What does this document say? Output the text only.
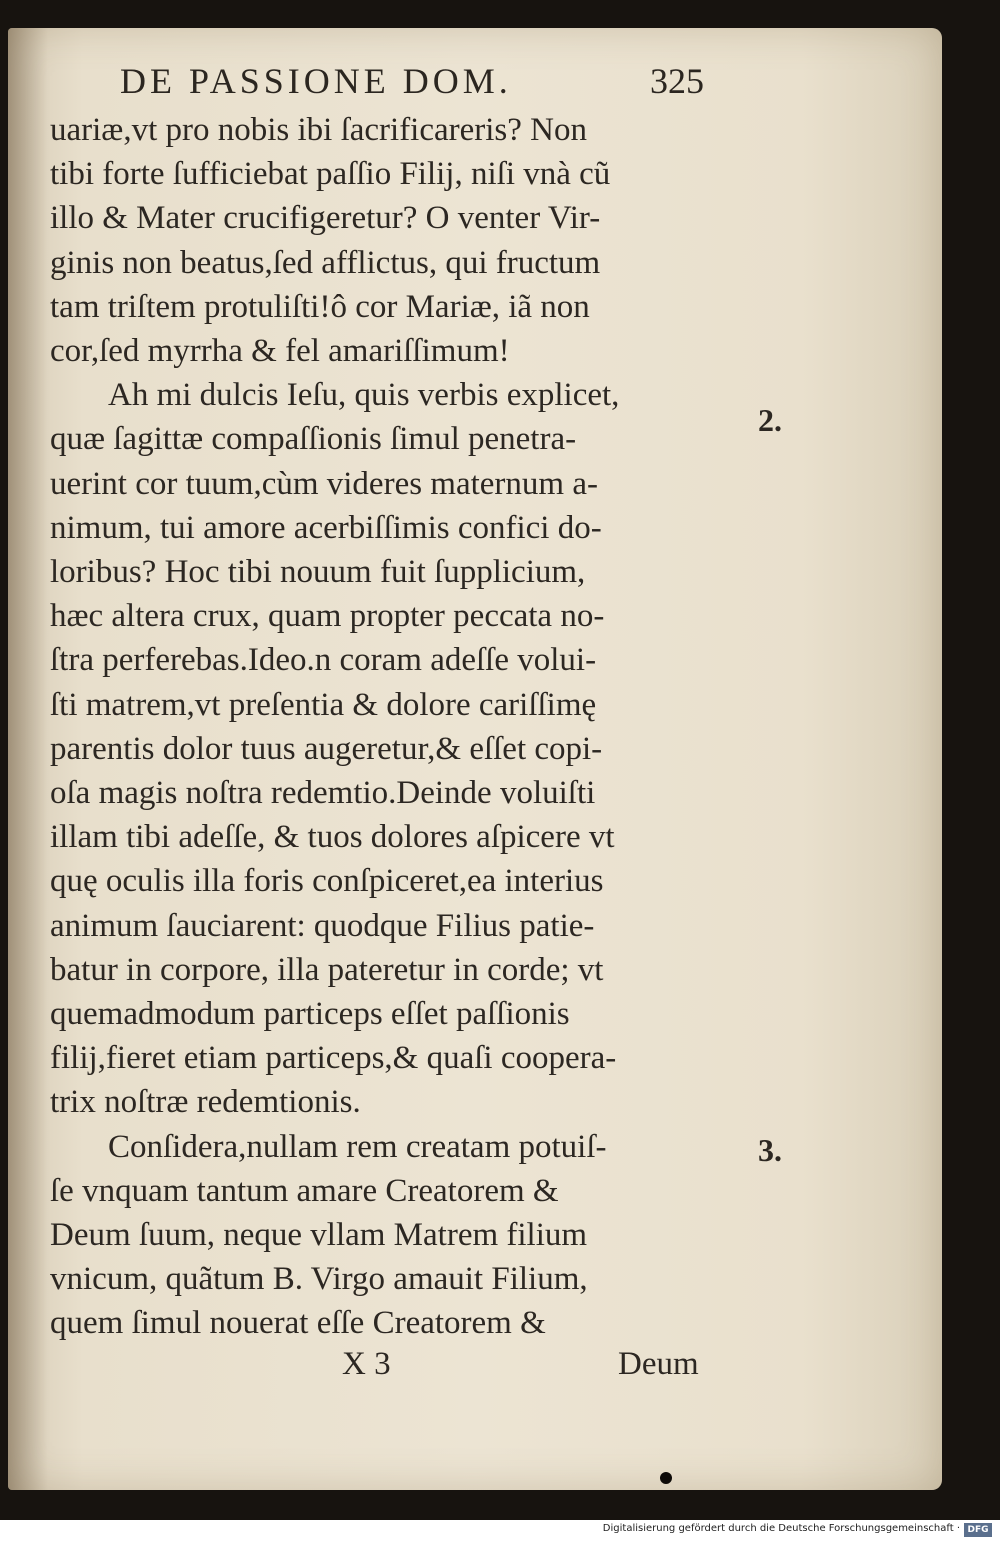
DE PASSIONE DOM.	325
uariæ,vt pro nobis ibi ſacrificareris? Non
tibi forte ſufficiebat paſſio Filij, niſi vnà cũ
illo & Mater crucifigeretur? O venter Vir-
ginis non beatus,ſed afflictus, qui fructum
tam triſtem protuliſti!ô cor Mariæ, iã non
cor,ſed myrrha & fel amariſſimum!
Ah mi dulcis Ieſu, quis verbis explicet,
quæ ſagittæ compaſſionis ſimul penetra-
uerint cor tuum,cùm videres maternum a-
nimum, tui amore acerbiſſimis confici do-
loribus? Hoc tibi nouum fuit ſupplicium,
hæc altera crux, quam propter peccata no-
ſtra perferebas.Ideo.n coram adeſſe volui-
ſti matrem,vt preſentia & dolore cariſſimę
parentis dolor tuus augeretur,& eſſet copi-
oſa magis noſtra redemtio.Deinde voluiſti
illam tibi adeſſe, & tuos dolores aſpicere vt
quę oculis illa foris conſpiceret,ea interius
animum ſauciarent: quodque Filius patie-
batur in corpore, illa pateretur in corde; vt
quemadmodum particeps eſſet paſſionis
filij,fieret etiam particeps,& quaſi coopera-
trix noſtræ redemtionis.
Conſidera,nullam rem creatam potuiſ-
ſe vnquam tantum amare Creatorem &
Deum ſuum, neque vllam Matrem filium
vnicum, quãtum B. Virgo amauit Filium,
quem ſimul nouerat eſſe Creatorem &
2.
3.
X 3	Deum
Digitalisierung gefördert durch die Deutsche Forschungsgemeinschaft · DFG
